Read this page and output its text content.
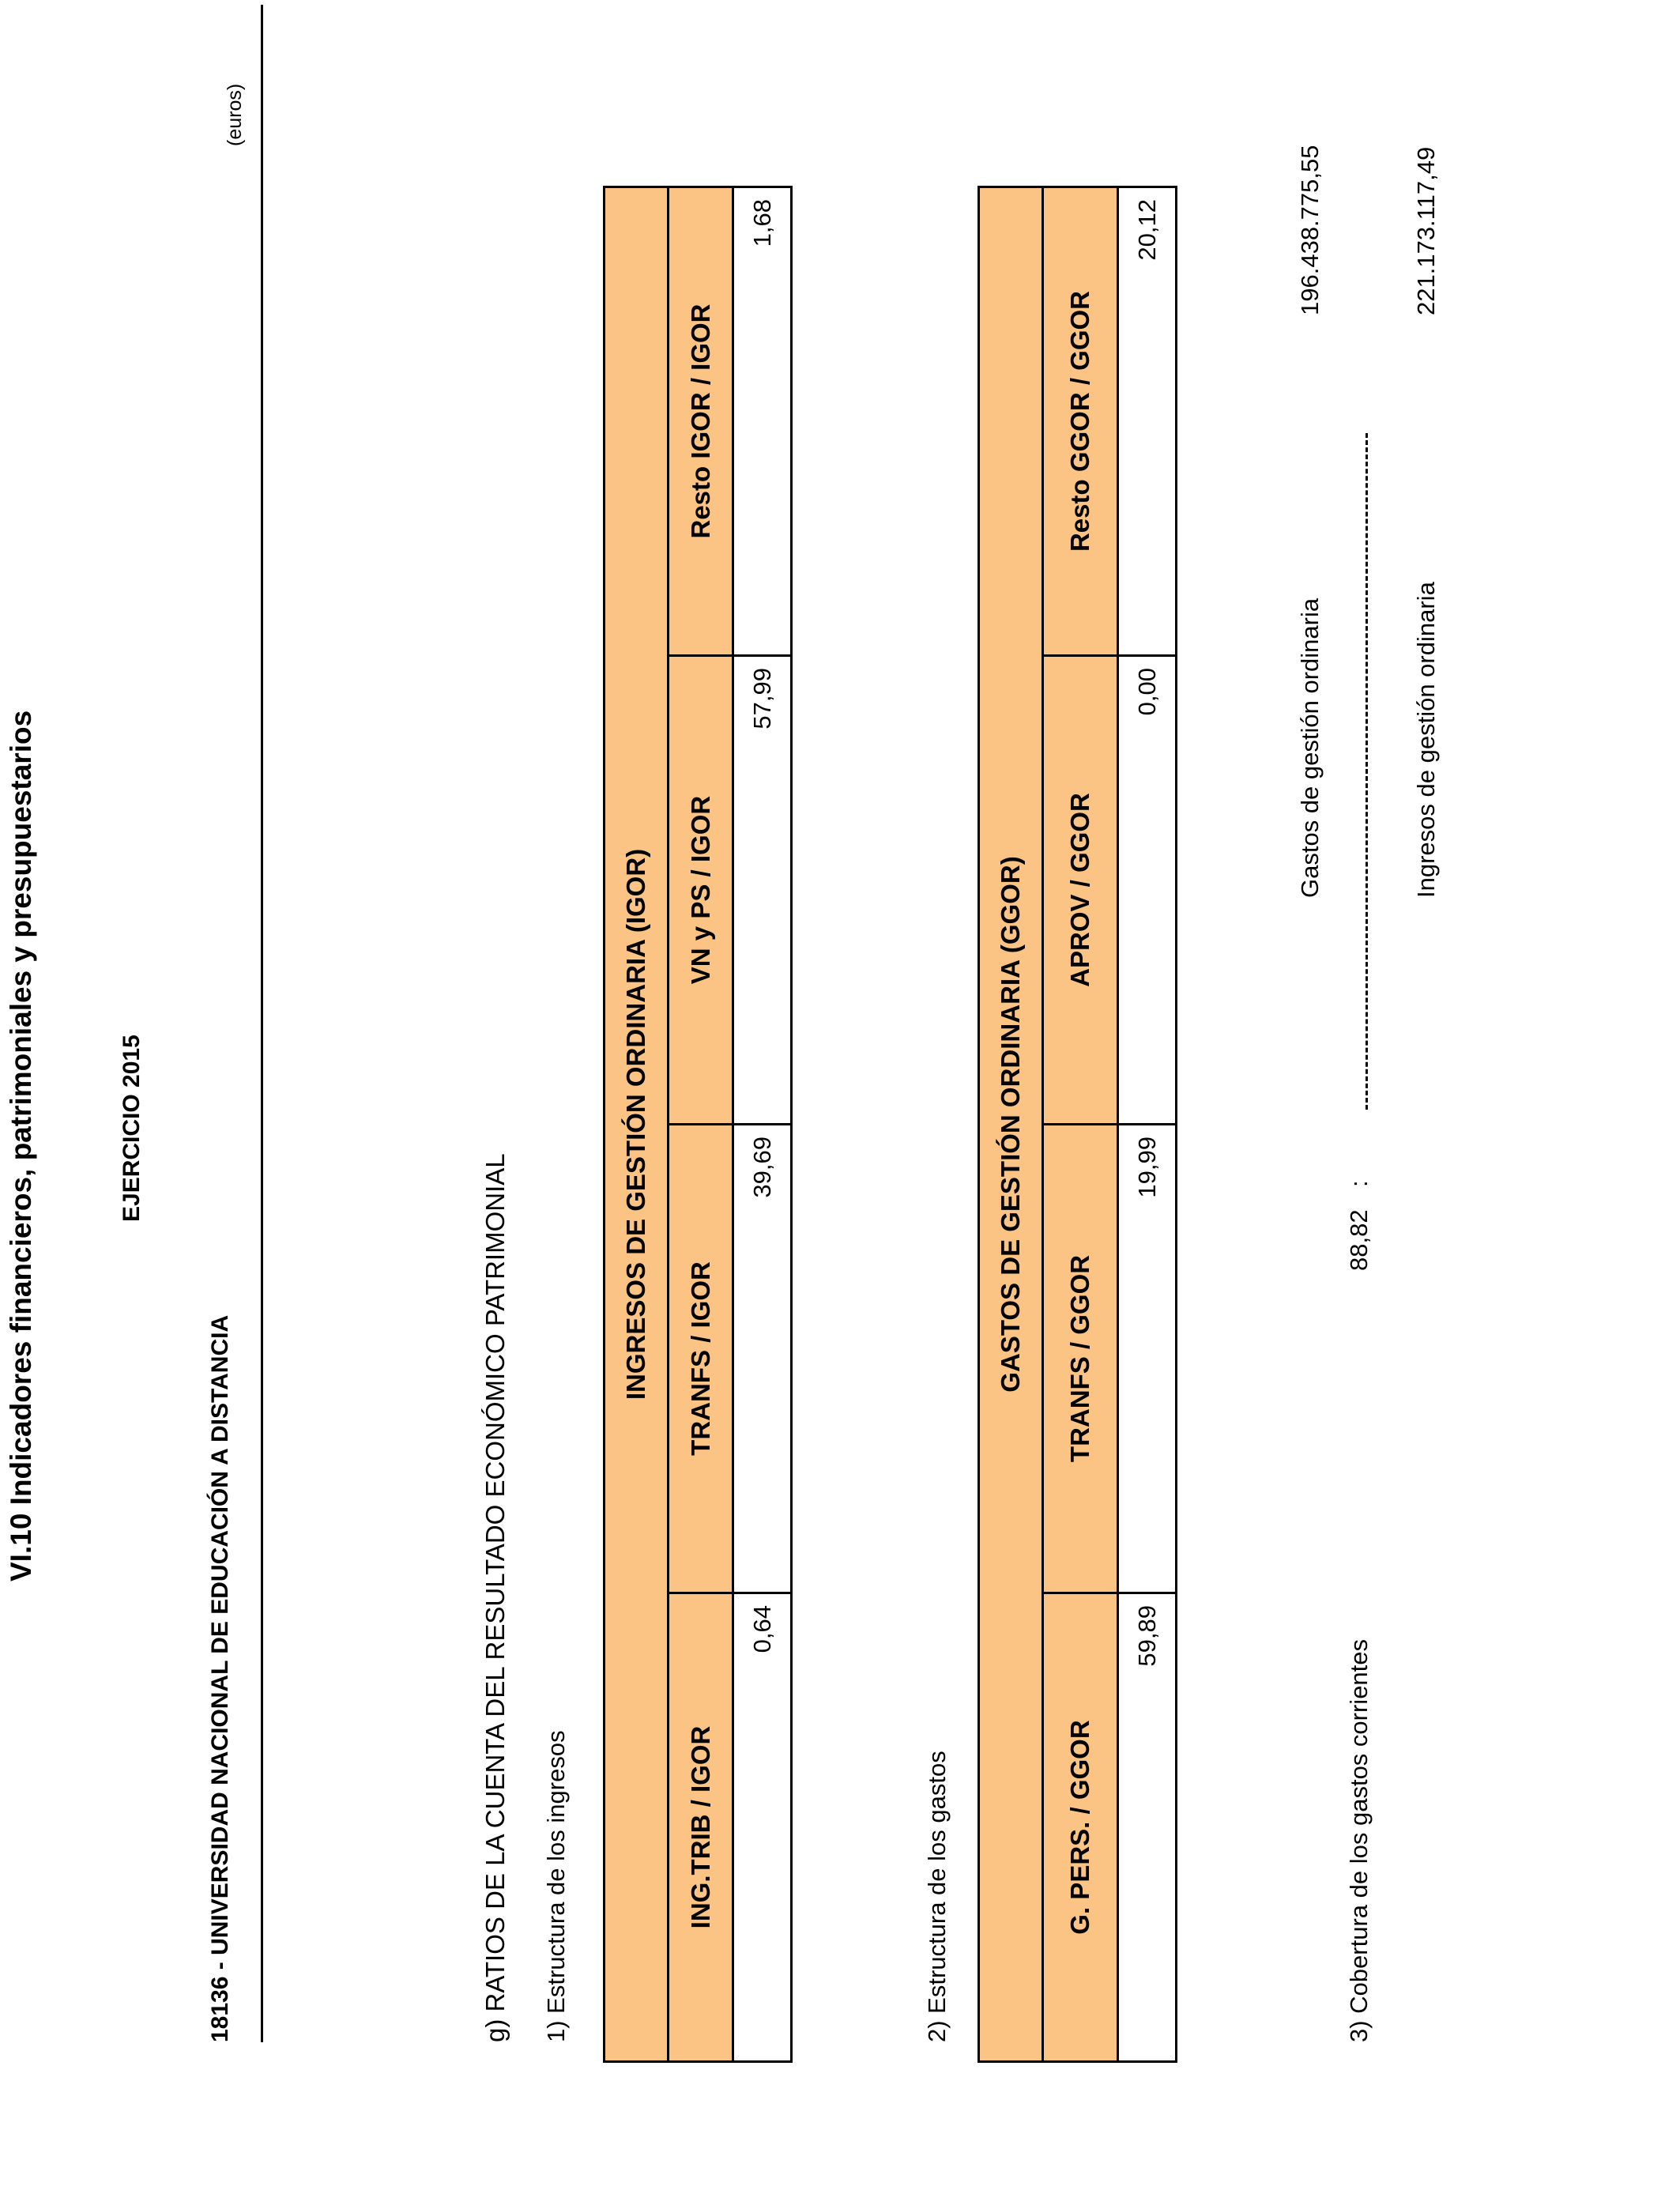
VI.10 Indicadores financieros, patrimoniales y presupuestarios
18136 - UNIVERSIDAD NACIONAL DE EDUCACIÓN A DISTANCIA
EJERCICIO 2015
(euros)
g) RATIOS DE LA CUENTA DEL RESULTADO ECONÓMICO PATRIMONIAL 1) Estructura de los ingresos
INGRESOS DE GESTIÓN ORDINARIA (IGOR)			
ING.TRIB / IGOR	TRANFS / IGOR	VN y PS / IGOR	Resto IGOR / IGOR
0,64	39,69	57,99	1,68
2) Estructura de los gastos
GASTOS DE GESTIÓN ORDINARIA (GGOR)			
G. PERS. / GGOR	TRANFS / GGOR	APROV / GGOR	Resto GGOR / GGOR
59,89	19,99	0,00	20,12
3) Cobertura de los gastos corrientes
88,82
:
Gastos de gestión ordinaria
196.438.775,55
Ingresos de gestión ordinaria
221.173.117,49
